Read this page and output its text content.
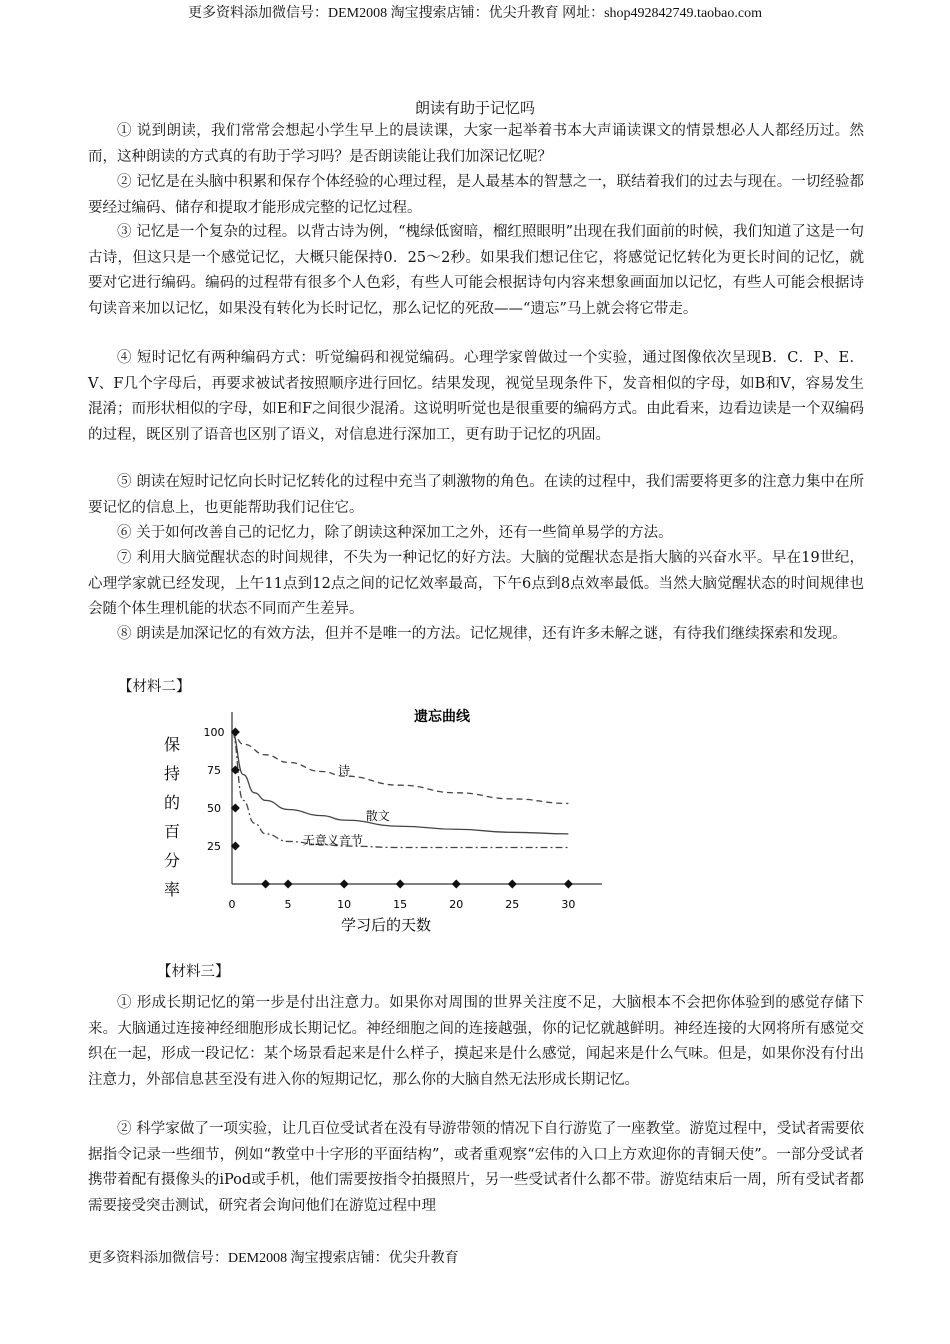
更多资料添加微信号：DEM2008 淘宝搜索店铺：优尖升教育 网址：shop492842749.taobao.com
朗读有助于记忆吗

① 说到朗读，我们常常会想起小学生早上的晨读课，大家一起举着书本大声诵读课文的情景想必人人都经历过。然而，这种朗读的方式真的有助于学习吗？是否朗读能让我们加深记忆呢？

② 记忆是在头脑中积累和保存个体经验的心理过程，是人最基本的智慧之一，联结着我们的过去与现在。一切经验都要经过编码、储存和提取才能形成完整的记忆过程。

③ 记忆是一个复杂的过程。以背古诗为例，“槐绿低窗暗，榴红照眼明”出现在我们面前的时候，我们知道了这是一句古诗，但这只是一个感觉记忆，大概只能保持0．25～2秒。如果我们想记住它，将感觉记忆转化为更长时间的记忆，就要对它进行编码。编码的过程带有很多个人色彩，有些人可能会根据诗句内容来想象画面加以记忆，有些人可能会根据诗句读音来加以记忆，如果没有转化为长时记忆，那么记忆的死敌——“遗忘”马上就会将它带走。

④ 短时记忆有两种编码方式：听觉编码和视觉编码。心理学家曾做过一个实验，通过图像依次呈现B．C．P、E．V、F几个字母后，再要求被试者按照顺序进行回忆。结果发现，视觉呈现条件下，发音相似的字母，如B和V，容易发生混淆；而形状相似的字母，如E和F之间很少混淆。这说明听觉也是很重要的编码方式。由此看来，边看边读是一个双编码的过程，既区别了语音也区别了语义，对信息进行深加工，更有助于记忆的巩固。

⑤ 朗读在短时记忆向长时记忆转化的过程中充当了刺激物的角色。在读的过程中，我们需要将更多的注意力集中在所要记忆的信息上，也更能帮助我们记住它。

⑥ 关于如何改善自己的记忆力，除了朗读这种深加工之外，还有一些简单易学的方法。

⑦ 利用大脑觉醒状态的时间规律，不失为一种记忆的好方法。大脑的觉醒状态是指大脑的兴奋水平。早在19世纪，心理学家就已经发现，上午11点到12点之间的记忆效率最高，下午6点到8点效率最低。当然大脑觉醒状态的时间规律也会随个体生理机能的状态不同而产生差异。

⑧ 朗读是加深记忆的有效方法，但并不是唯一的方法。记忆规律，还有许多未解之谜，有待我们继续探索和发现。

【材料二】
遗忘曲线
保
持
的
百
分
率
25
50
75
100
0	5	10	15	20	25	30
诗
散文
无意义音节
学习后的天数
【材料三】

① 形成长期记忆的第一步是付出注意力。如果你对周围的世界关注度不足，大脑根本不会把你体验到的感觉存储下来。大脑通过连接神经细胞形成长期记忆。神经细胞之间的连接越强，你的记忆就越鲜明。神经连接的大网将所有感觉交织在一起，形成一段记忆：某个场景看起来是什么样子，摸起来是什么感觉，闻起来是什么气味。但是，如果你没有付出注意力，外部信息甚至没有进入你的短期记忆，那么你的大脑自然无法形成长期记忆。

② 科学家做了一项实验，让几百位受试者在没有导游带领的情况下自行游览了一座教堂。游览过程中，受试者需要依据指令记录一些细节，例如“教堂中十字形的平面结构”，或者重观察“宏伟的入口上方欢迎你的青铜天使”。一部分受试者携带着配有摄像头的iPod或手机，他们需要按指令拍摄照片，另一些受试者什么都不带。游览结束后一周，所有受试者都需要接受突击测试，研究者会询问他们在游览过程中理

更多资料添加微信号：DEM2008 淘宝搜索店铺：优尖升教育
